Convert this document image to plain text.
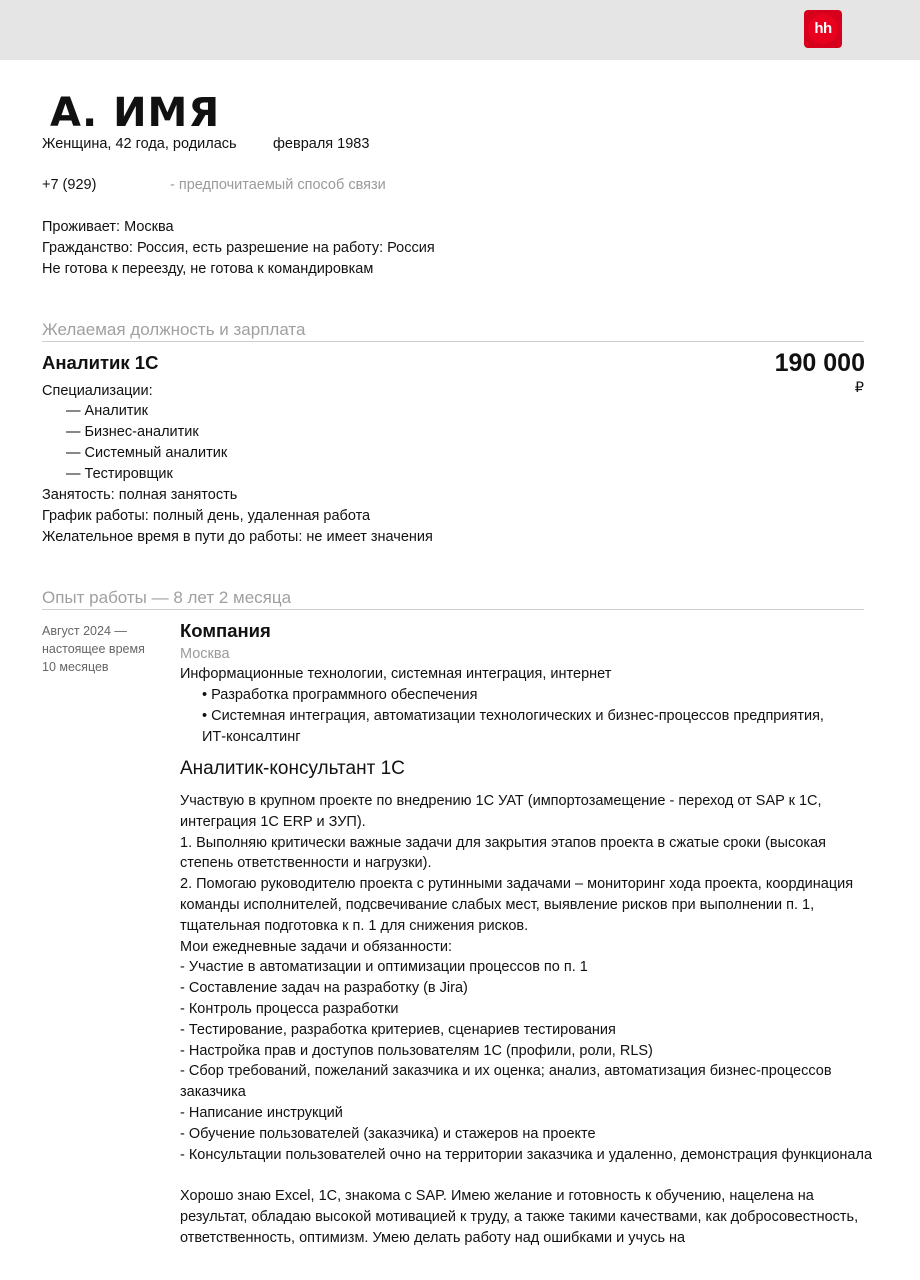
hh
А. ИМЯ
Женщина, 42 года, родилась	февраля 1983
+7 (929)	- предпочитаемый способ связи
Проживает: Москва
Гражданство: Россия, есть разрешение на работу: Россия
Не готова к переезду, не готова к командировкам
Желаемая должность и зарплата
Аналитик 1С	190 000
₽
Специализации:
— Аналитик
— Бизнес-аналитик
— Системный аналитик
— Тестировщик
Занятость: полная занятость
График работы: полный день, удаленная работа
Желательное время в пути до работы: не имеет значения
Опыт работы — 8 лет 2 месяца
Август 2024 —
настоящее время
10 месяцев
Компания
Москва
Информационные технологии, системная интеграция, интернет
• Разработка программного обеспечения
• Системная интеграция, автоматизации технологических и бизнес-процессов предприятия, ИТ-консалтинг
Аналитик-консультант 1С

Участвую в крупном проекте по внедрению 1С УАТ (импортозамещение - переход от SAP к 1С, интеграция 1С ERP и ЗУП).

1. Выполняю критически важные задачи для закрытия этапов проекта в сжатые сроки (высокая степень ответственности и нагрузки).

2. Помогаю руководителю проекта с рутинными задачами – мониторинг хода проекта, координация команды исполнителей, подсвечивание слабых мест, выявление рисков при выполнении п. 1, тщательная подготовка к п. 1 для снижения рисков.

Мои ежедневные задачи и обязанности:

- Участие в автоматизации и оптимизации процессов по п. 1

- Составление задач на разработку (в Jira)

- Контроль процесса разработки

- Тестирование, разработка критериев, сценариев тестирования

- Настройка прав и доступов пользователям 1С (профили, роли, RLS)

- Сбор требований, пожеланий заказчика и их оценка; анализ, автоматизация бизнес-процессов заказчика

- Написание инструкций

- Обучение пользователей (заказчика) и стажеров на проекте

- Консультации пользователей очно на территории заказчика и удаленно, демонстрация функционала

Хорошо знаю Excel, 1С, знакома с SAP. Имею желание и готовность к обучению, нацелена на результат, обладаю высокой мотивацией к труду, а также такими качествами, как добросовестность, ответственность, оптимизм. Умею делать работу над ошибками и учусь на
